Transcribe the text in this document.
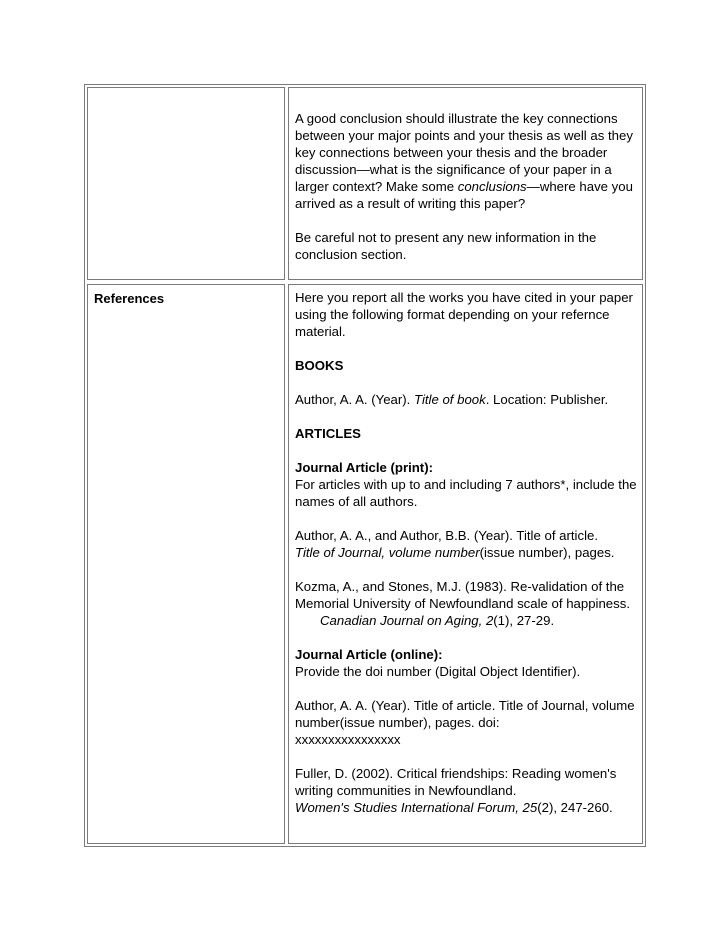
A good conclusion should illustrate the key connections between your major points and your thesis as well as they key connections between your thesis and the broader discussion—what is the significance of your paper in a larger context? Make some conclusions—where have you arrived as a result of writing this paper?

Be careful not to present any new information in the conclusion section.

References	Here you report all the works you have cited in your paper using the following format depending on your refernce material.

BOOKS

Author, A. A. (Year). Title of book. Location: Publisher.

ARTICLES

Journal Article (print):
For articles with up to and including 7 authors*, include the names of all authors.

Author, A. A., and Author, B.B. (Year). Title of article.
Title of Journal, volume number(issue number), pages.

Kozma, A., and Stones, M.J. (1983). Re-validation of the Memorial University of Newfoundland scale of happiness.
Canadian Journal on Aging, 2(1), 27-29.

Journal Article (online):
Provide the doi number (Digital Object Identifier).

Author, A. A. (Year). Title of article. Title of Journal, volume number(issue number), pages. doi:
xxxxxxxxxxxxxxxx

Fuller, D. (2002). Critical friendships: Reading women's writing communities in Newfoundland.
Women's Studies International Forum, 25(2), 247-260.
